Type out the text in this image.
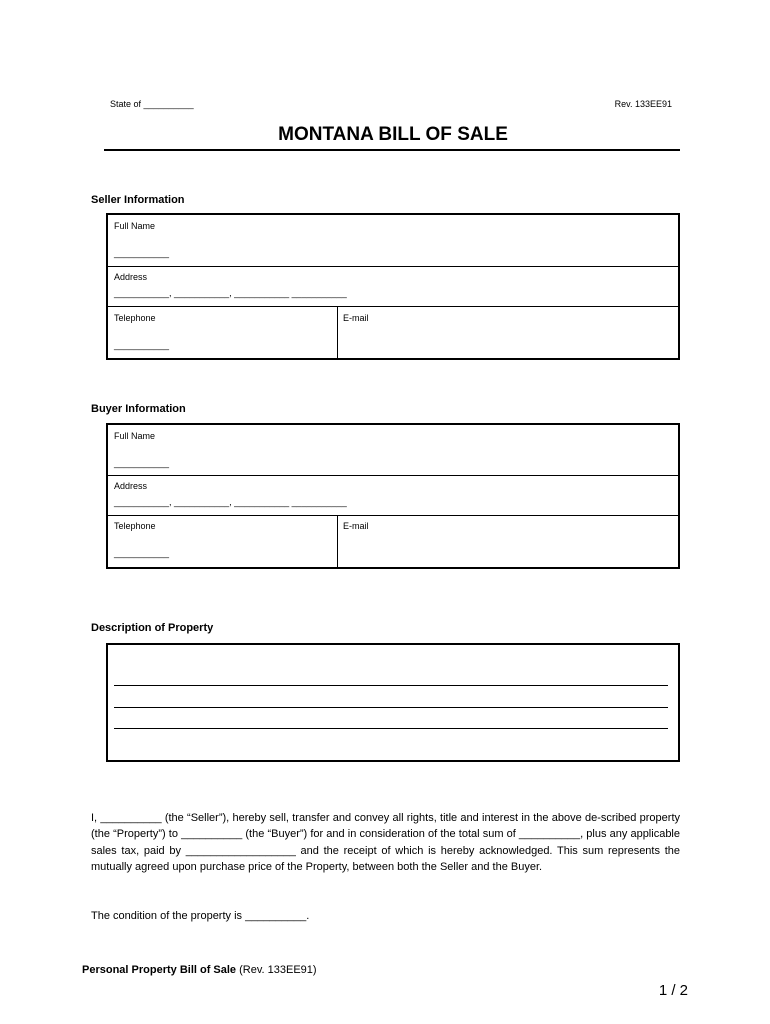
State of __________	Rev. 133EE91
MONTANA BILL OF SALE
Seller Information
Full Name
___________
Address
___________, ___________, ___________ ___________
Telephone
___________
E-mail
Buyer Information
Full Name
___________
Address
___________, ___________, ___________ ___________
Telephone
___________
E-mail
Description of Property
I, __________ (the “Seller”), hereby sell, transfer and convey all rights, title and interest in the above de-scribed property (the “Property”) to __________ (the “Buyer”) for and in consideration of the total sum of __________, plus any applicable sales tax, paid by __________________ and the receipt of which is hereby acknowledged. This sum represents the mutually agreed upon purchase price of the Property, between both the Seller and the Buyer.
The condition of the property is __________.
Personal Property Bill of Sale (Rev. 133EE91)
1 / 2
